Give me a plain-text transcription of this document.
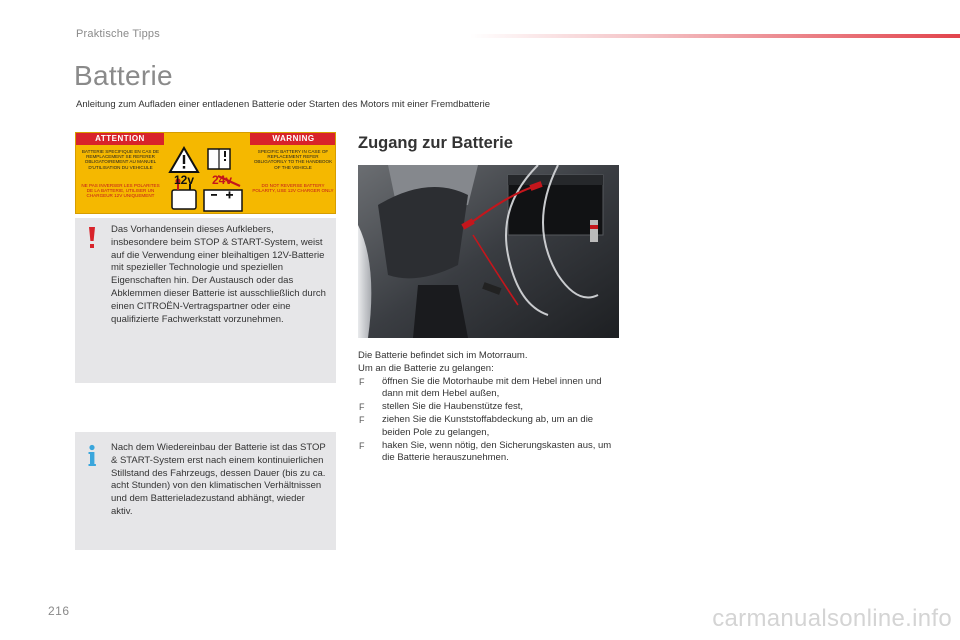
Praktische Tipps
Batterie
Anleitung zum Aufladen einer entladenen Batterie oder Starten des Motors mit einer Fremdbatterie
ATTENTION	WARNING
BATTERIE SPECIFIQUE EN CAS DE REMPLACEMENT SE REFERER OBLIGATOIREMENT AU MANUEL D'UTILISATION DU VEHICULE
NE PAS INVERSER LES POLARITES DE LA BATTERIE, UTILISER UN CHARGEUR 12V UNIQUEMENT
SPECIFIC BATTERY IN CASE OF REPLACEMENT REFER OBLIGATORILY TO THE HANDBOOK OF THE VEHICLE
DO NOT REVERSE BATTERY POLARITY, USE 12V CHARGER ONLY
12v 24v

Das Vorhandensein dieses Aufklebers, insbesondere beim STOP & START-System, weist auf die Verwendung einer bleihaltigen 12V-Batterie mit spezieller Technologie und speziellen Eigenschaften hin. Der Austausch oder das Abklemmen dieser Batterie ist ausschließlich durch einen CITROËN-Vertragspartner oder eine qualifizierte Fachwerkstatt vorzunehmen.

Nach dem Wiedereinbau der Batterie ist das STOP & START-System erst nach einem kontinuierlichen Stillstand des Fahrzeugs, dessen Dauer (bis zu ca. acht Stunden) von den klimatischen Verhältnissen und dem Batterieladezustand abhängt, wieder aktiv.

Zugang zur Batterie

Die Batterie befindet sich im Motorraum.

Um an die Batterie zu gelangen:

F	öffnen Sie die Motorhaube mit dem Hebel innen und dann mit dem Hebel außen,
F	stellen Sie die Haubenstütze fest,
F	ziehen Sie die Kunststoffabdeckung ab, um an die beiden Pole zu gelangen,
F	haken Sie, wenn nötig, den Sicherungskasten aus, um die Batterie herauszunehmen.
216	carmanualsonline.info
